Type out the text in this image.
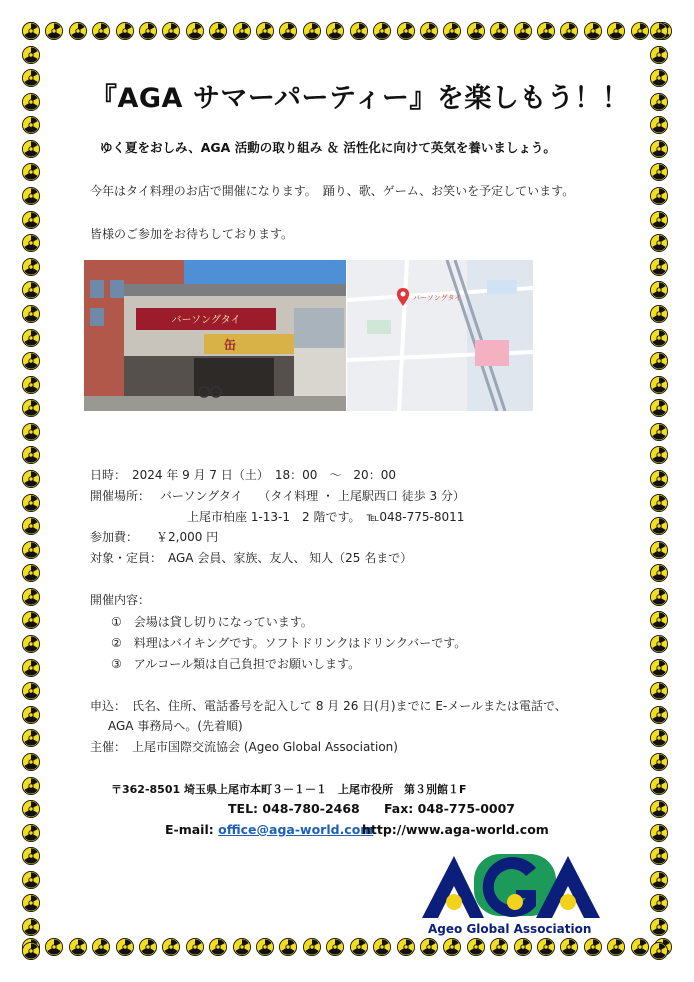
『AGA サマーパーティー』を楽しもう！！
ゆく夏をおしみ、AGA 活動の取り組み ＆ 活性化に向けて英気を養いましょう。
今年はタイ料理のお店で開催になります。　踊り、歌、ゲーム、お笑いを予定しています。
皆様のご参加をお待ちしております。
バーソングタイ
缶
バーソングタイ
日時：　2024 年 9 月 7 日（土）　18：00　～　20：00
開催場所：　 バーソングタイ　 （タイ料理 ・ 上尾駅西口 徒歩 3 分）
上尾市柏座 1-13-1　2 階です。　℡048-775-8011
参加費：　　￥2,000 円
対象・定員：　AGA 会員、家族、友人、 知人（25 名まで）
開催内容：
①　会場は貸し切りになっています。
②　料理はバイキングです。ソフトドリンクはドリンクバーです。
③　アルコール類は自己負担でお願いします。
申込：　氏名、住所、電話番号を記入して 8 月 26 日(月)までに E-メールまたは電話で、
AGA 事務局へ。(先着順)
主催：　上尾市国際交流協会 (Ageo Global Association)
〒362-8501 埼玉県上尾市本町３－１－１　上尾市役所　第３別館１F
TEL: 048-780-2468 Fax: 048-775-0007
E-mail: office@aga-world.com
http://www.aga-world.com
Ageo Global Association
